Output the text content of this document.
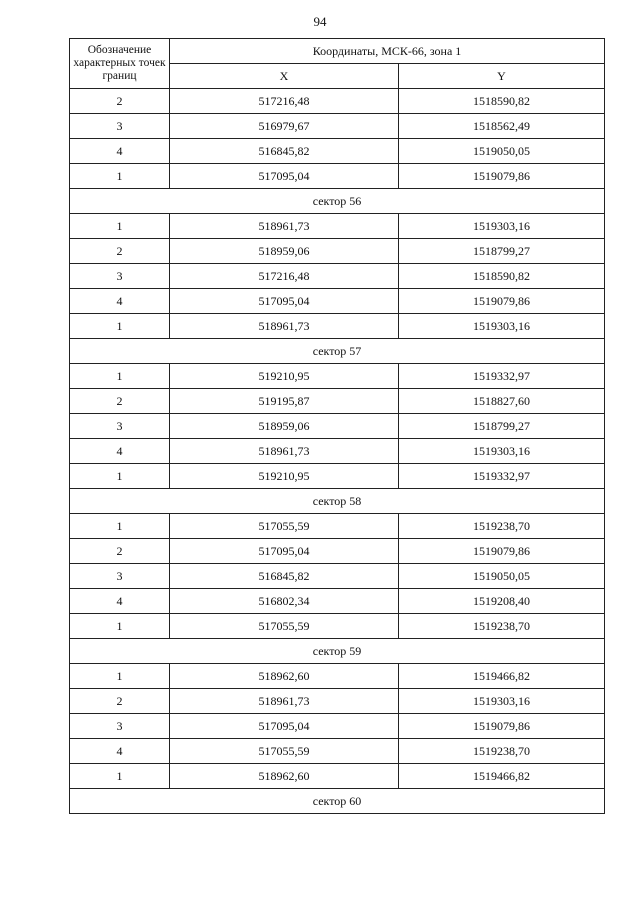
94
Обозначение характерных точек границ	Координаты, МСК-66, зона 1	
	X	Y
2	517216,48	1518590,82
3	516979,67	1518562,49
4	516845,82	1519050,05
1	517095,04	1519079,86
сектор 56		
1	518961,73	1519303,16
2	518959,06	1518799,27
3	517216,48	1518590,82
4	517095,04	1519079,86
1	518961,73	1519303,16
сектор 57		
1	519210,95	1519332,97
2	519195,87	1518827,60
3	518959,06	1518799,27
4	518961,73	1519303,16
1	519210,95	1519332,97
сектор 58		
1	517055,59	1519238,70
2	517095,04	1519079,86
3	516845,82	1519050,05
4	516802,34	1519208,40
1	517055,59	1519238,70
сектор 59		
1	518962,60	1519466,82
2	518961,73	1519303,16
3	517095,04	1519079,86
4	517055,59	1519238,70
1	518962,60	1519466,82
сектор 60		
